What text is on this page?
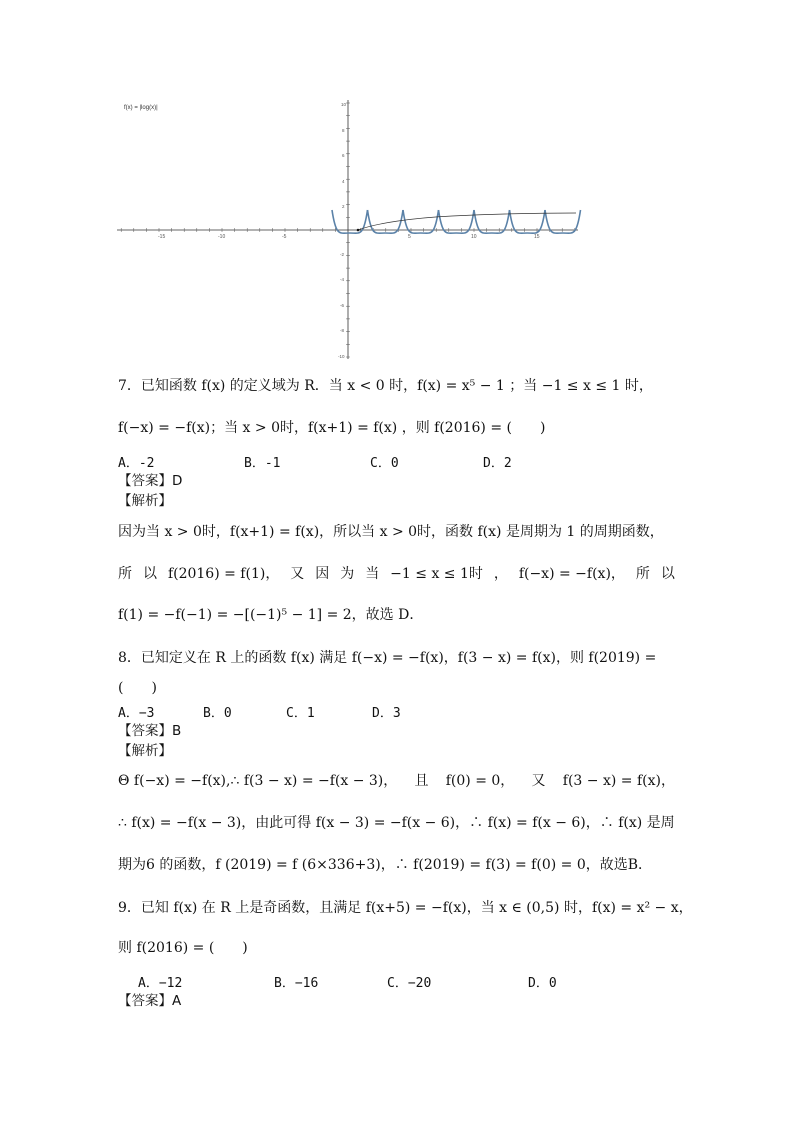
f(x) = |log(x)|
-15	-10	-5	5	10	15
10
8
6
4
2
-2
-4
-6
-8
-10
7．已知函数 f(x) 的定义域为 R．当 x < 0 时，f(x) = x⁵ − 1 ；当 −1 ≤ x ≤ 1 时，
f(−x) = −f(x)；当 x > 0时，f(x+1) = f(x) ，则 f(2016) = (　　)
A．-2	B．-1	C．0	D．2
【答案】D
【解析】
因为当 x > 0时，f(x+1) = f(x)，所以当 x > 0时，函数 f(x) 是周期为 1 的周期函数，
所 以 f(2016) = f(1)， 又 因 为 当 −1 ≤ x ≤ 1时 ， f(−x) = −f(x)， 所 以
f(1) = −f(−1) = −[(−1)⁵ − 1] = 2，故选 D．
8．已知定义在 R 上的函数 f(x) 满足 f(−x) = −f(x)，f(3 − x) = f(x)，则 f(2019) =
(　　)
A．−3	B．0	C．1	D．3
【答案】B
【解析】
Θ f(−x) = −f(x),∴ f(3 − x) = −f(x − 3)， 且 f(0) = 0， 又 f(3 − x) = f(x)，
∴ f(x) = −f(x − 3)，由此可得 f(x − 3) = −f(x − 6)，∴ f(x) = f(x − 6)，∴ f(x) 是周
期为6 的函数，f (2019) = f (6×336+3)，∴ f(2019) = f(3) = f(0) = 0，故选B．
9．已知 f(x) 在 R 上是奇函数，且满足 f(x+5) = −f(x)，当 x ∈ (0,5) 时，f(x) = x² − x，
则 f(2016) = (　　)
A．−12	B．−16	C．−20	D．0
【答案】A
